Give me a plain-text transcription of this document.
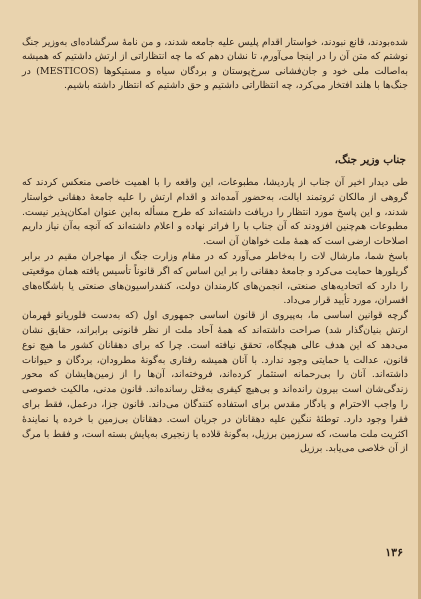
شده‌بودند، قانع نبودند، خواستار اقدام پلیس علیه جامعه شدند، و من نامهٔ سرگشاده‌ای به‌وزیر جنگ نوشتم که متن آن را در اینجا می‌آورم، تا نشان دهم که ما چه انتظاراتی از ارتش داشتیم که همیشه به‌اصالت ملی خود و جان‌فشانی سرخ‌پوستان و بردگان سیاه و مستیکوها (MESTICOS) در جنگ‌ها با هلند افتخار می‌کرد، چه انتظاراتی داشتیم و حق داشتیم که انتظار داشته باشیم.

جناب وزیر جنگ،

طی دیدار اخیر آن جناب از پاردیشا، مطبوعات، این واقعه را با اهمیت خاصی منعکس کردند که گروهی از مالکان ثروتمند ایالت، به‌حضور آمده‌اند و اقدام ارتش را علیه جامعهٔ دهقانی خواستار شدند، و این پاسخ مورد انتظار را دریافت داشته‌اند که طرح مسأله به‌این عنوان امکان‌پذیر نیست. مطبوعات هم‌چنین افزودند که آن جناب با را فراتر نهاده و اعلام داشته‌اند که آنچه به‌آن نیاز داریم اصلاحات ارضی است که همهٔ ملت خواهان آن است.

باسخ شما، مارشال لات را به‌خاطر می‌آورد که در مقام وزارت جنگ از مهاجران مقیم در برابر گریلورها حمایت می‌کرد و جامعهٔ دهقانی را بر این اساس که اگر قانوناً تأسیس یافته همان موقعیتی را دارد که اتحادیه‌های صنعتی، انجمن‌های کارمندان دولت، کنفدراسیون‌های صنعتی یا باشگاه‌های افسران، مورد تأیید قرار می‌داد.

گرچه قوانین اساسی ما، به‌پیروی از قانون اساسی جمهوری اول (که به‌دست فلوریانو قهرمان ارتش بنیان‌گذار شد) صراحت داشته‌اند که همهٔ آحاد ملت از نظر قانونی برابراند، حقایق نشان می‌دهد که این هدف عالی هیچگاه، تحقق نیافته است. چرا که برای دهقانان کشور ما هیچ نوع قانون، عدالت یا حمایتی وجود ندارد. با آنان همیشه رفتاری به‌گونهٔ مطرودان، بردگان و حیوانات داشته‌اند. آنان را بی‌رحمانه استثمار کرده‌اند، فروخته‌اند، آن‌ها را از زمین‌هایشان که محور زندگی‌شان است بیرون رانده‌اند و بی‌هیچ کیفری به‌قتل رسانده‌اند. قانون مدنی، مالکیت خصوصی را واجب الاحترام و یادگار مقدس برای استفاده کنندگان می‌داند. قانون جزا، درعمل، فقط برای فقرا وجود دارد. توطئهٔ ننگین علیه دهقانان در جریان است. دهقانان بی‌زمین با خرده پا نمایندهٔ اکثریت ملت ماست، که سرزمین برزیل، به‌گونهٔ قلاده یا زنجیری به‌پایش بسته است، و فقط با مرگ از آن خلاصی می‌یابد. برزیل

۱۳۶
